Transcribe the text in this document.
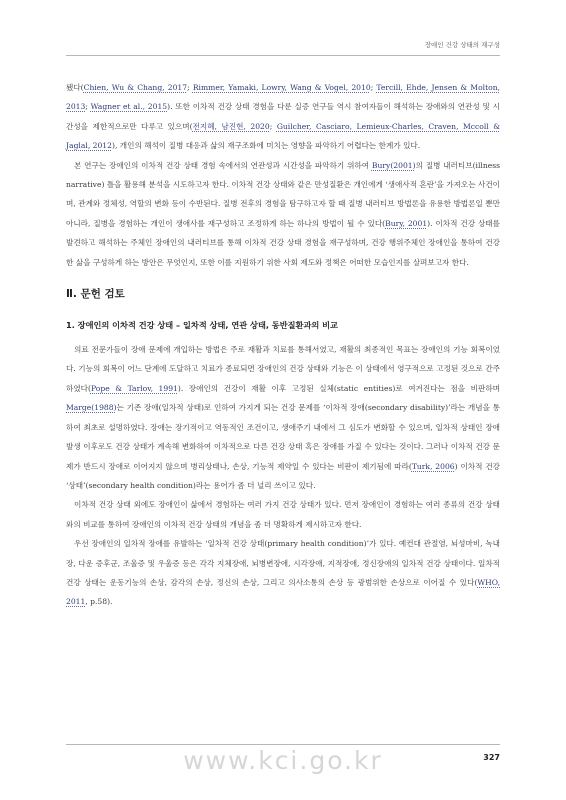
장애인 건강 상태의 재구성

됐다(Chien, Wu & Chang, 2017; Rimmer, Yamaki, Lowry, Wang & Vogel, 2010; Tercill, Ehde, Jensen & Molton, 2013; Wagner et al., 2015). 또한 이차적 건강 상태 경험을 다룬 실증 연구들 역시 참여자들이 해석하는 장애와의 연관성 및 시간성을 제한적으로만 다루고 있으며(전지혜, 남진현, 2020; Guilcher, Casciaro, Lemieux-Charles, Craven, Mccoll & Jaglal, 2012), 개인의 해석이 질병 대응과 삶의 재구조화에 미치는 영향을 파악하기 어렵다는 한계가 있다.

본 연구는 장애인의 이차적 건강 상태 경험 속에서의 연관성과 시간성을 파악하기 위하여 Bury(2001)의 질병 내러티브(illness narrative) 틀을 활용해 분석을 시도하고자 한다. 이차적 건강 상태와 같은 만성질환은 개인에게 ‘생애사적 혼란’을 가져오는 사건이며, 관계와 정체성, 역할의 변화 등이 수반된다. 질병 전후의 경험을 탐구하고자 할 때 질병 내러티브 방법론을 유용한 방법론일 뿐만 아니라, 질병을 경험하는 개인이 생애사를 재구성하고 조정하게 하는 하나의 방법이 될 수 있다(Bury, 2001). 이차적 건강 상태를 발견하고 해석하는 주체인 장애인의 내러티브를 통해 이차적 건강 상태 경험을 재구성하며, 건강 행위주체인 장애인을 통하여 건강한 삶을 구성하게 하는 방안은 무엇인지, 또한 이를 지원하기 위한 사회 제도와 정책은 어떠한 모습인지를 살펴보고자 한다.

Ⅱ. 문헌 검토
1. 장애인의 이차적 건강 상태 – 일차적 상태, 연관 상태, 동반질환과의 비교

의료 전문가들이 장애 문제에 개입하는 방법은 주로 재활과 치료를 통해서였고, 재활의 최종적인 목표는 장애인의 기능 회복이었다. 기능의 회복이 어느 단계에 도달하고 치료가 종료되면 장애인의 건강 상태와 기능은 이 상태에서 영구적으로 고정된 것으로 간주하였다(Pope & Tarlov, 1991). 장애인의 건강이 재활 이후 고정된 실체(static entities)로 여겨진다는 점을 비판하며 Marge(1988)는 기존 장애(일차적 상태)로 인하여 가지게 되는 건강 문제를 ‘이차적 장애(secondary disability)’라는 개념을 통하여 최초로 설명하였다. 장애는 장기적이고 역동적인 조건이고, 생애주기 내에서 그 심도가 변화할 수 있으며, 일차적 상태인 장애 발생 이후로도 건강 상태가 계속해 변화하여 이차적으로 다른 건강 상태 혹은 장애를 가질 수 있다는 것이다. 그러나 이차적 건강 문제가 반드시 장애로 이어지지 않으며 병리상태나, 손상, 기능적 제약일 수 있다는 비판이 제기됨에 따라(Turk, 2006) 이차적 건강 ‘상태’(secondary health condition)라는 용어가 좀 더 널리 쓰이고 있다.

이차적 건강 상태 외에도 장애인이 삶에서 경험하는 여러 가지 건강 상태가 있다. 먼저 장애인이 경험하는 여러 종류의 건강 상태와의 비교를 통하여 장애인의 이차적 건강 상태의 개념을 좀 더 명확하게 제시하고자 한다.

우선 장애인의 일차적 장애를 유발하는 ‘일차적 건강 상태(primary health condition)’가 있다. 예컨대 관절염, 뇌성마비, 녹내장, 다운 증후군, 조울증 및 우울증 등은 각각 지체장애, 뇌병변장애, 시각장애, 지적장애, 정신장애의 일차적 건강 상태이다. 일차적 건강 상태는 운동기능의 손상, 감각의 손상, 정신의 손상, 그리고 의사소통의 손상 등 광범위한 손상으로 이어질 수 있다(WHO, 2011, p.58).

www.kci.go.kr	327
